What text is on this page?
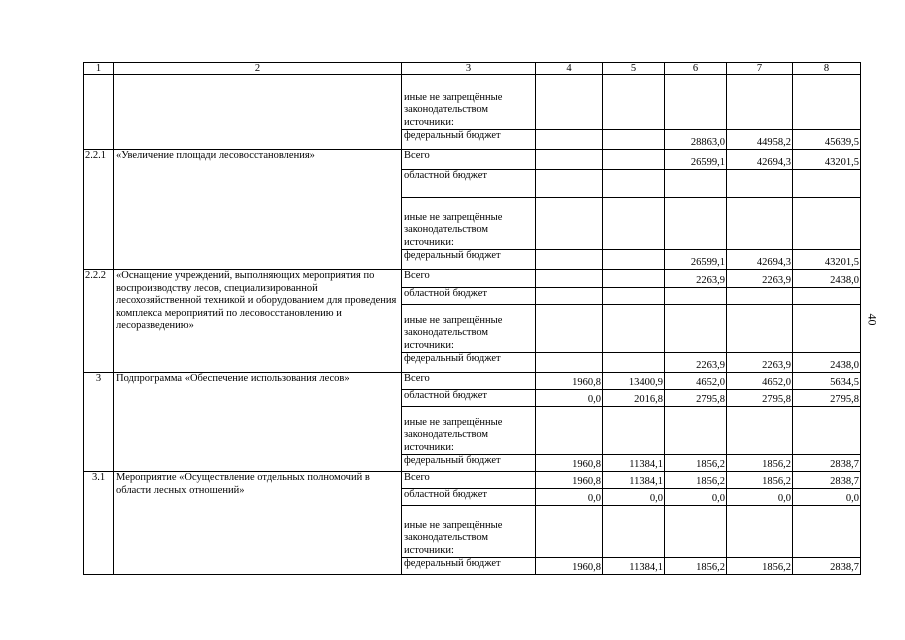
1	2	3	4	5	6	7	8
		иные не запрещённые законодательством источники:					
		федеральный бюджет			28863,0	44958,2	45639,5
2.2.1	«Увеличение площади лесовосстановления»	Всего			26599,1	42694,3	43201,5
		областной бюджет					
		иные не запрещённые законодательством источники:					
		федеральный бюджет			26599,1	42694,3	43201,5
2.2.2	«Оснащение учреждений, выполняющих мероприятия по воспроизводству лесов, специализированной лесохозяйственной техникой и оборудованием для проведения комплекса мероприятий по лесовосстановлению и лесоразведению»	Всего			2263,9	2263,9	2438,0
		областной бюджет					
		иные не запрещённые законодательством источники:					
		федеральный бюджет			2263,9	2263,9	2438,0
3	Подпрограмма «Обеспечение использования лесов»	Всего	1960,8	13400,9	4652,0	4652,0	5634,5
		областной бюджет	0,0	2016,8	2795,8	2795,8	2795,8
		иные не запрещённые законодательством источники:					
		федеральный бюджет	1960,8	11384,1	1856,2	1856,2	2838,7
3.1	Мероприятие «Осуществление отдельных полномочий в области лесных отношений»	Всего	1960,8	11384,1	1856,2	1856,2	2838,7
		областной бюджет	0,0	0,0	0,0	0,0	0,0
		иные не запрещённые законодательством источники:					
		федеральный бюджет	1960,8	11384,1	1856,2	1856,2	2838,7
40
